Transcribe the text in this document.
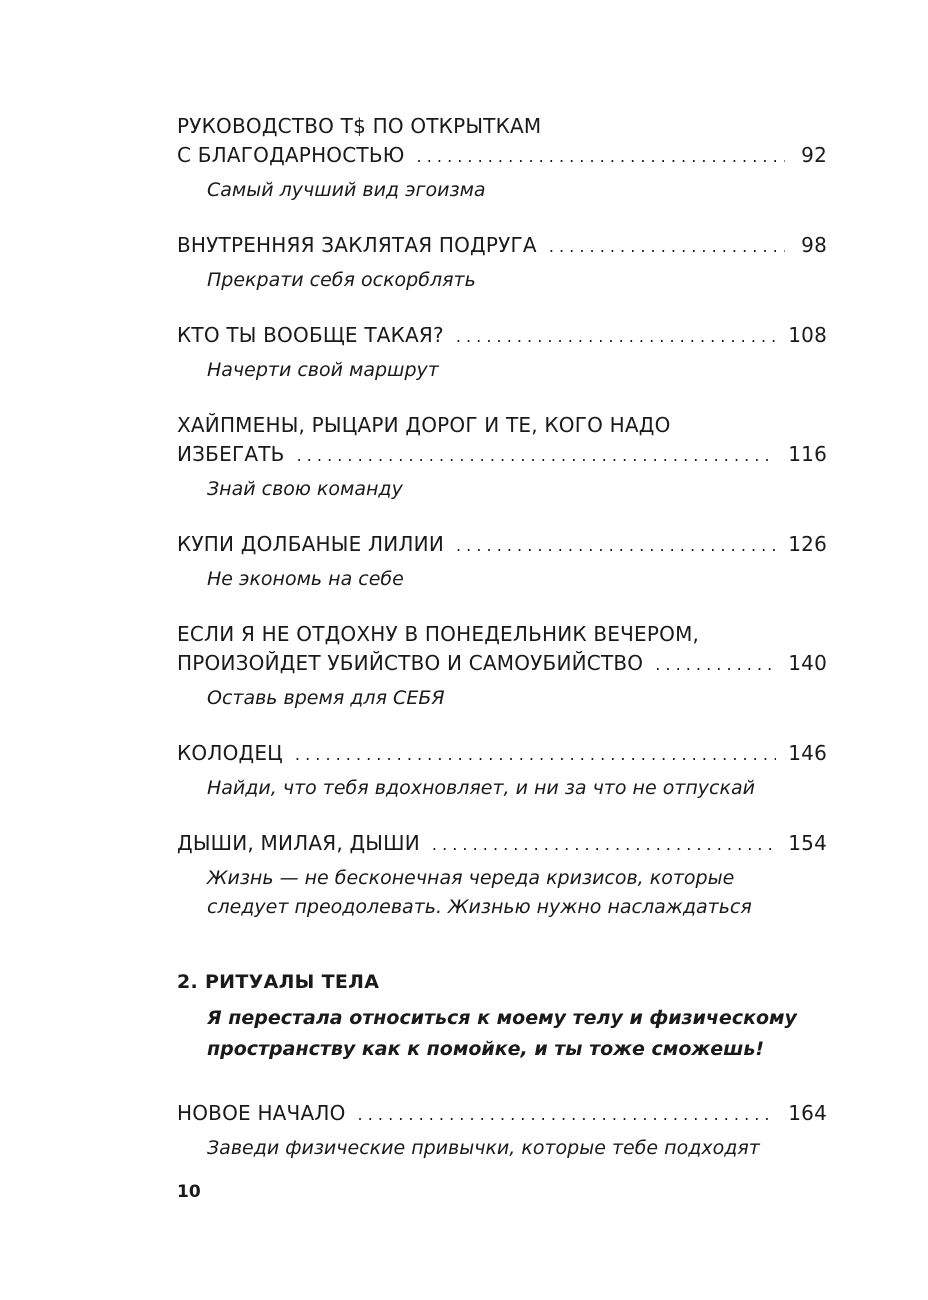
РУКОВОДСТВО T$ ПО ОТКРЫТКАМ
С БЛАГОДАРНОСТЬЮ . . .	92
Самый лучший вид эгоизма
ВНУТРЕННЯЯ ЗАКЛЯТАЯ ПОДРУГА . . .	98
Прекрати себя оскорблять
КТО ТЫ ВООБЩЕ ТАКАЯ? . . .	108
Начерти свой маршрут
ХАЙПМЕНЫ, РЫЦАРИ ДОРОГ И ТЕ, КОГО НАДО
ИЗБЕГАТЬ . . .	116
Знай свою команду
КУПИ ДОЛБАНЫЕ ЛИЛИИ . . .	126
Не экономь на себе
ЕСЛИ Я НЕ ОТДОХНУ В ПОНЕДЕЛЬНИК ВЕЧЕРОМ,
ПРОИЗОЙДЕТ УБИЙСТВО И САМОУБИЙСТВО . . .	140
Оставь время для СЕБЯ
КОЛОДЕЦ . . .	146
Найди, что тебя вдохновляет, и ни за что не отпускай
ДЫШИ, МИЛАЯ, ДЫШИ . . .	154
Жизнь — не бесконечная череда кризисов, которые
следует преодолевать. Жизнью нужно наслаждаться
2. РИТУАЛЫ ТЕЛА
Я перестала относиться к моему телу и физическому
пространству как к помойке, и ты тоже сможешь!
НОВОЕ НАЧАЛО . . .	164
Заведи физические привычки, которые тебе подходят
10
